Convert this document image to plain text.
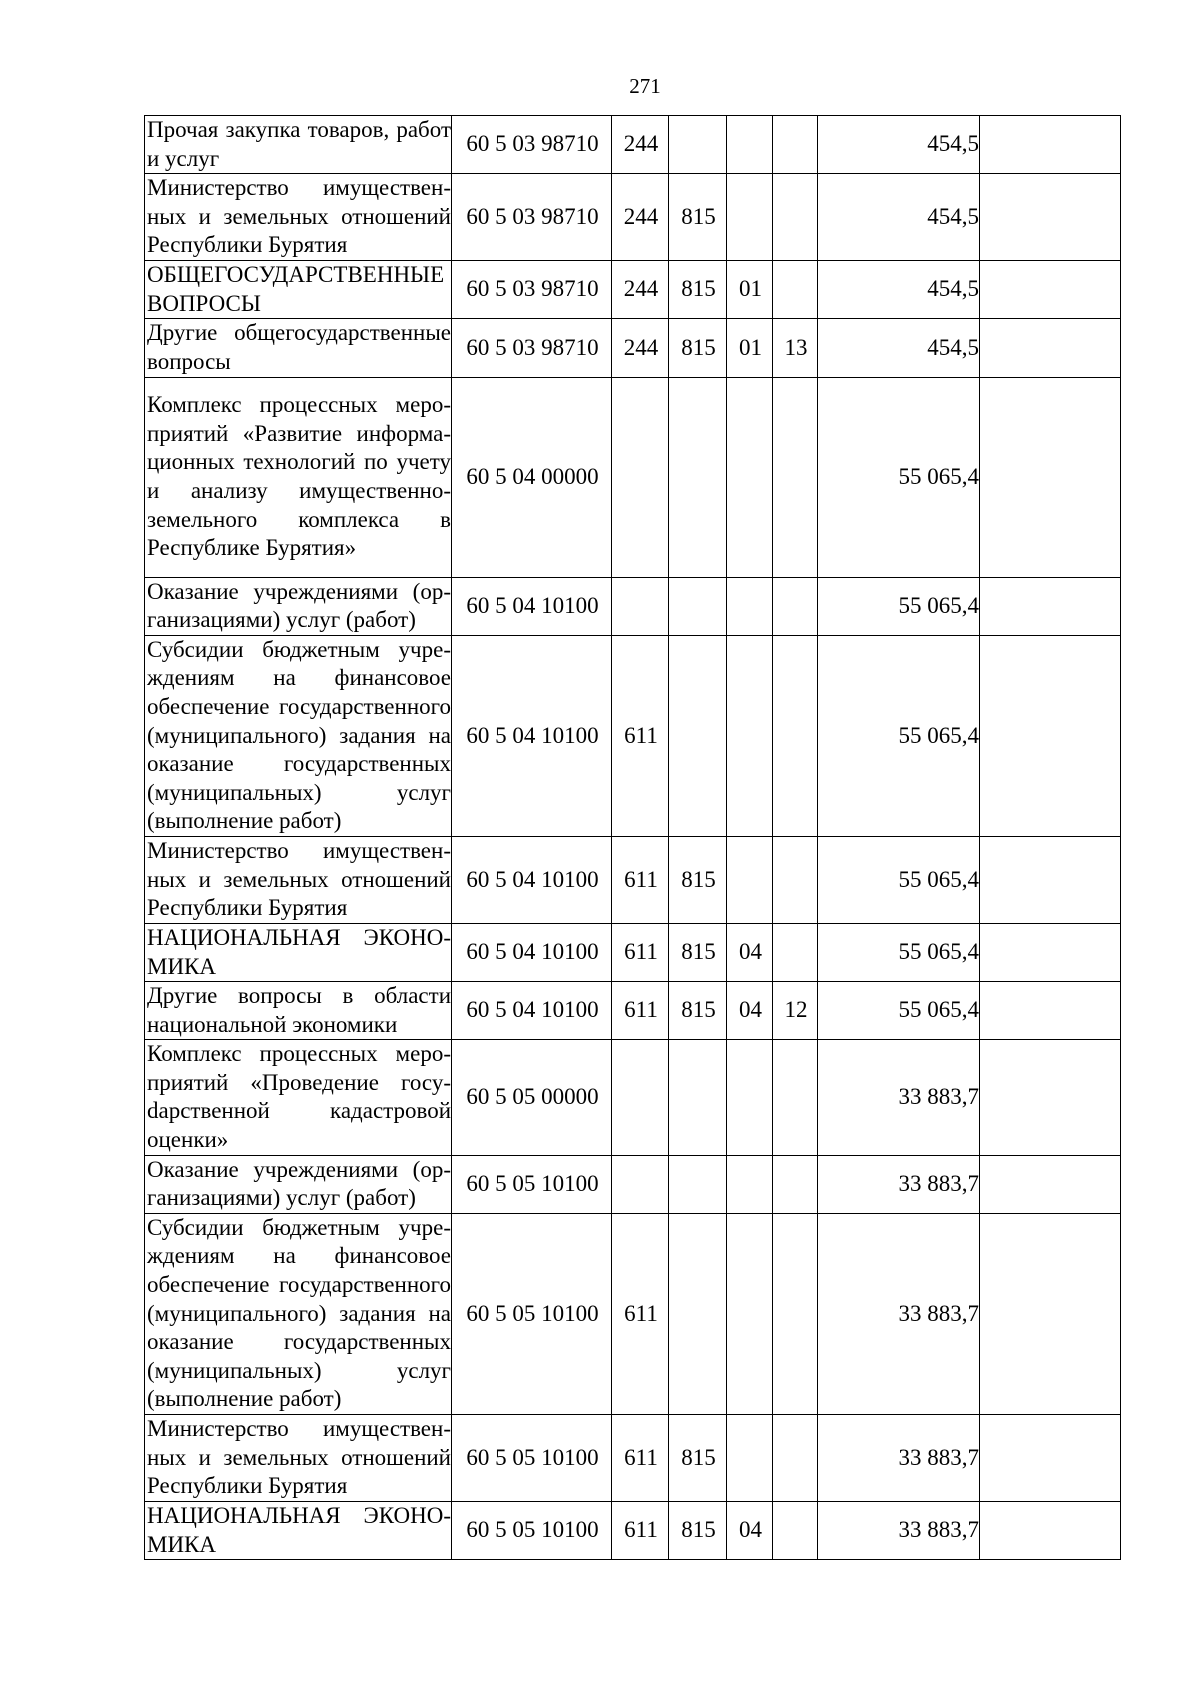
271
Прочая закупка товаров, работ и услуг	60 5 03 98710	244				454,5	
Министерство имущественных и земельных отношений Республики Бурятия	60 5 03 98710	244	815			454,5	
ОБЩЕГОСУДАРСТВЕННЫЕ ВОПРОСЫ	60 5 03 98710	244	815	01		454,5	
Другие общегосударственные вопросы	60 5 03 98710	244	815	01	13	454,5	
Комплекс процессных мероприятий «Развитие информационных технологий по учету и анализу имущественно-земельного комплекса в Республике Бурятия»	60 5 04 00000					55 065,4	
Оказание учреждениями (организациями) услуг (работ)	60 5 04 10100					55 065,4	
Субсидии бюджетным учреждениям на финансовое обеспечение государственного (муниципального) задания на оказание государственных (муниципальных) услуг (выполнение работ)	60 5 04 10100	611				55 065,4	
Министерство имущественных и земельных отношений Республики Бурятия	60 5 04 10100	611	815			55 065,4	
НАЦИОНАЛЬНАЯ ЭКОНОМИКА	60 5 04 10100	611	815	04		55 065,4	
Другие вопросы в области национальной экономики	60 5 04 10100	611	815	04	12	55 065,4	
Комплекс процессных мероприятий «Проведение госуdарственной кадастровой оценки»	60 5 05 00000					33 883,7	
Оказание учреждениями (организациями) услуг (работ)	60 5 05 10100					33 883,7	
Субсидии бюджетным учреждениям на финансовое обеспечение государственного (муниципального) задания на оказание государственных (муниципальных) услуг (выполнение работ)	60 5 05 10100	611				33 883,7	
Министерство имущественных и земельных отношений Республики Бурятия	60 5 05 10100	611	815			33 883,7	
НАЦИОНАЛЬНАЯ ЭКОНОМИКА	60 5 05 10100	611	815	04		33 883,7	
